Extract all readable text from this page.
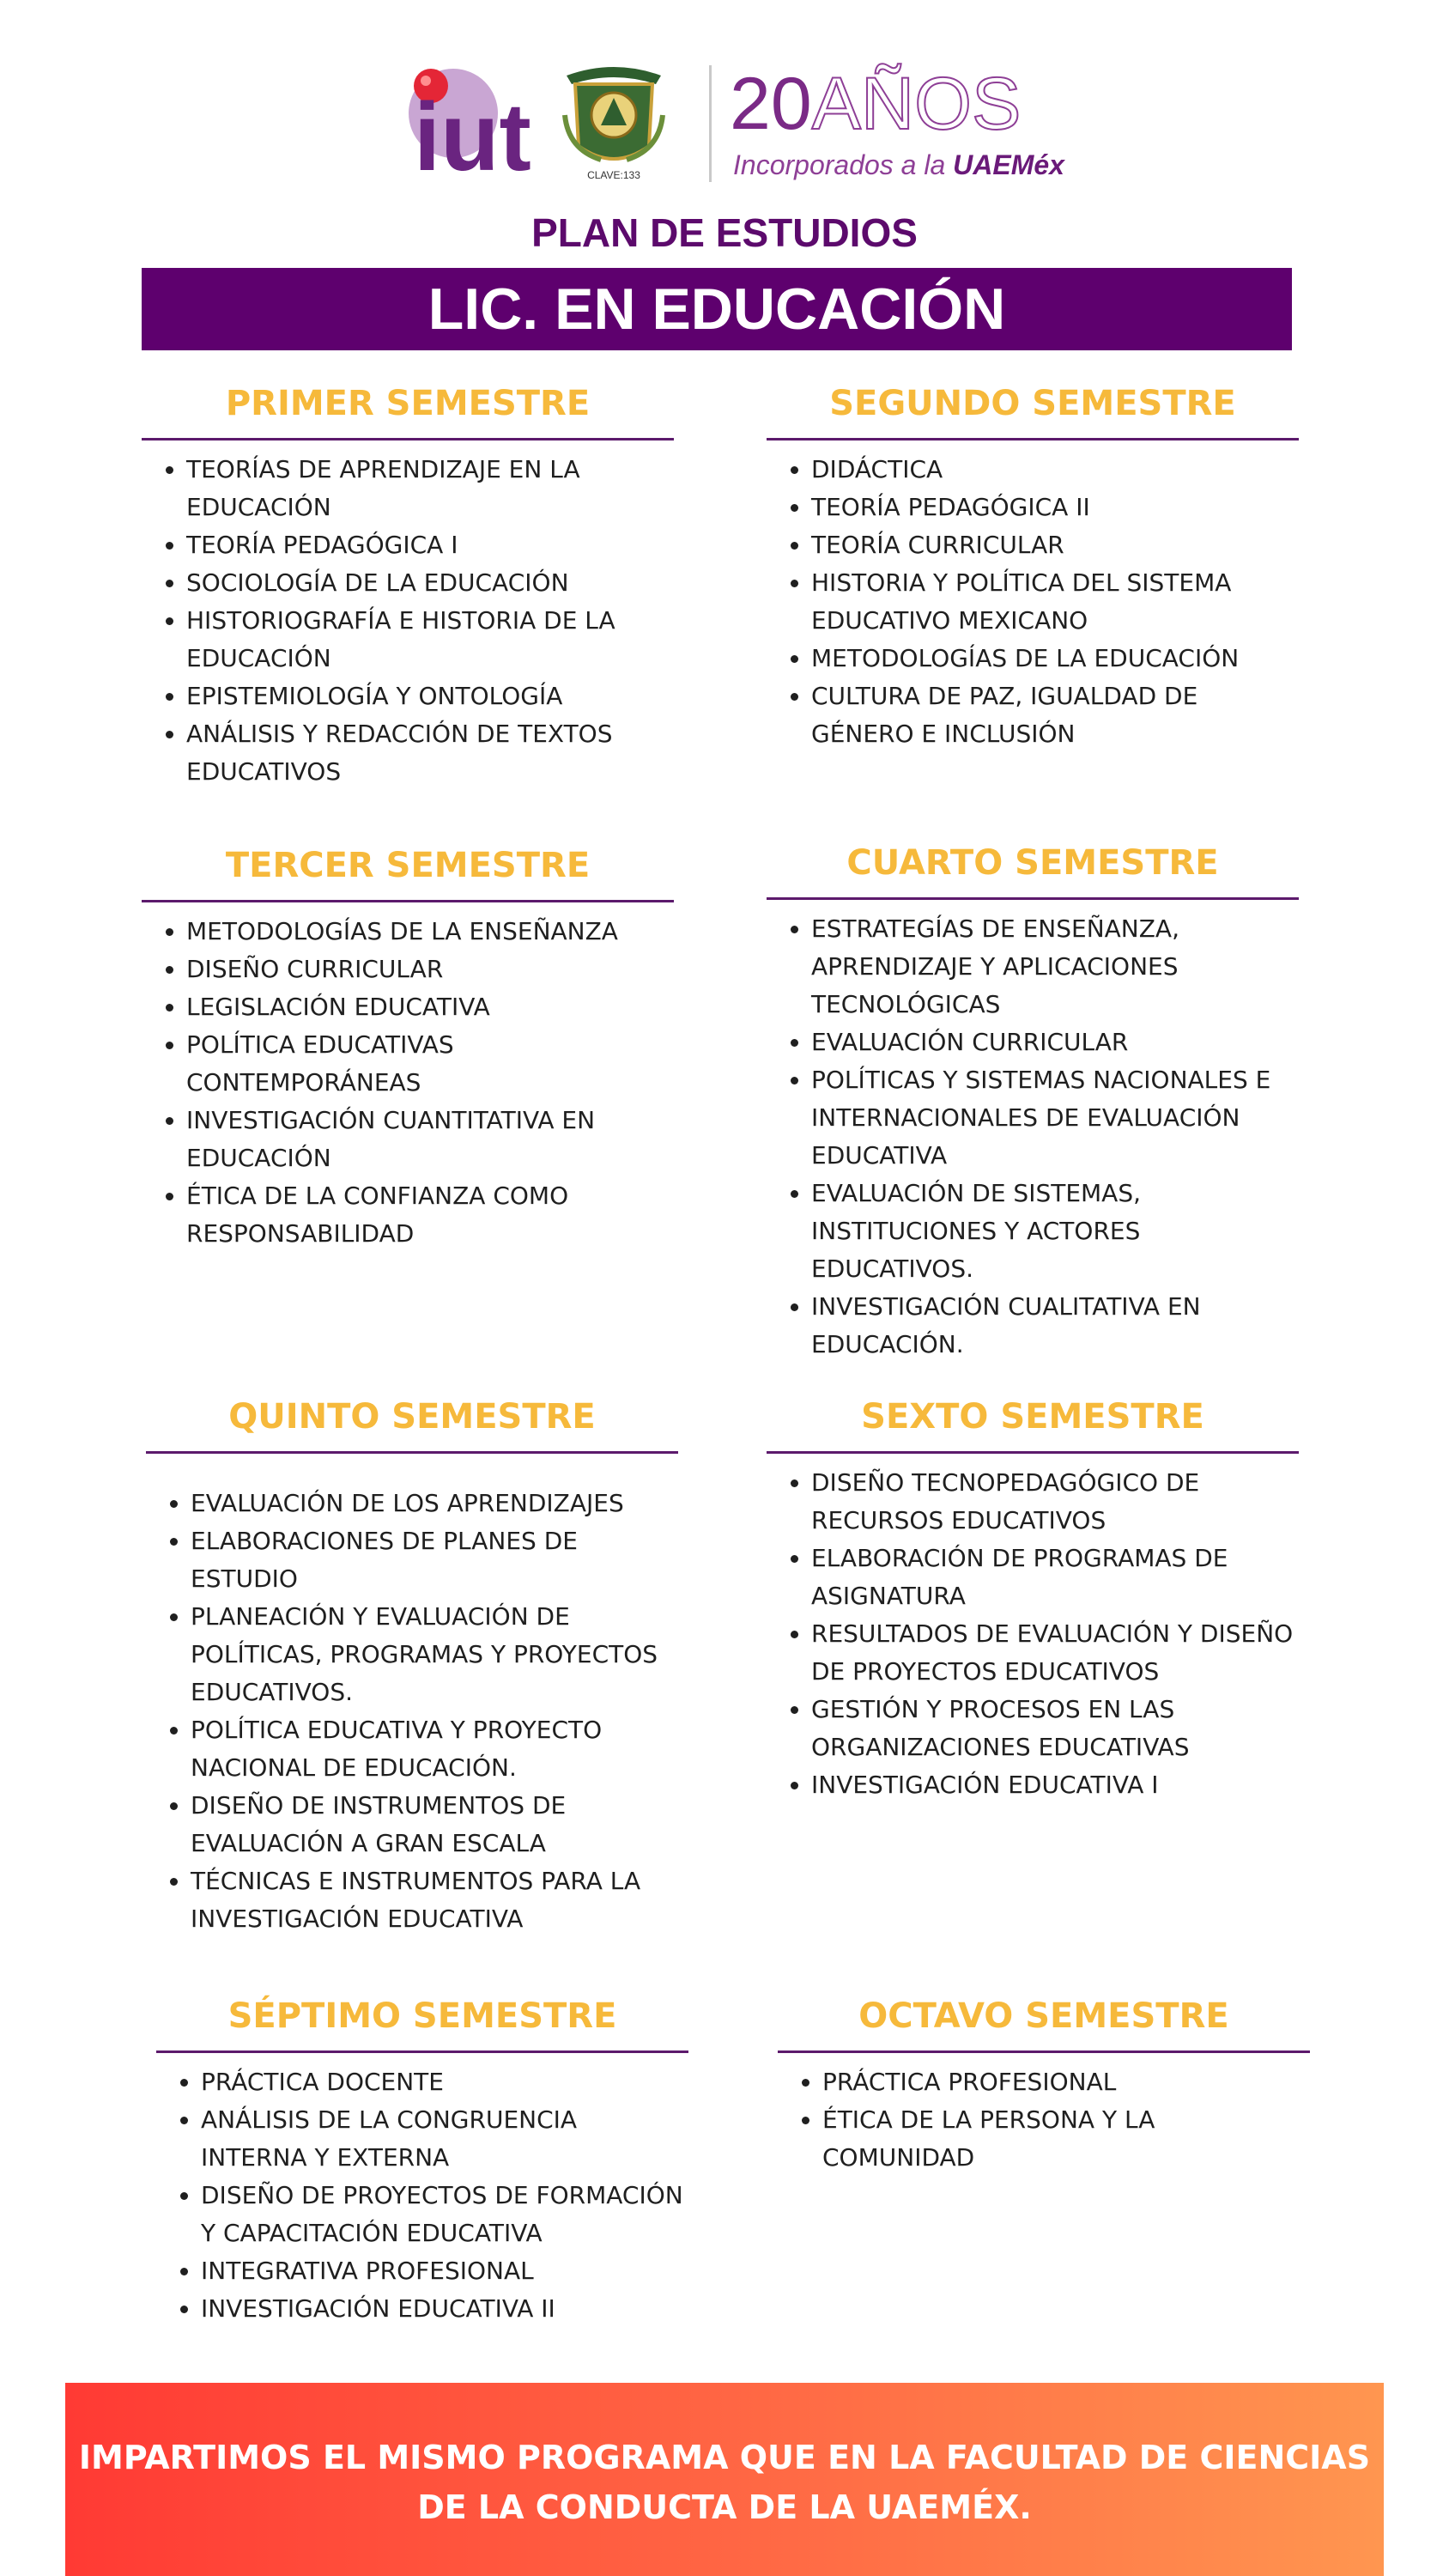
iut	CLAVE:133
20AÑOS
Incorporados a la UAEMéx
PLAN DE ESTUDIOS
LIC. EN EDUCACIÓN
PRIMER SEMESTRE
• TEORÍAS DE APRENDIZAJE EN LA EDUCACIÓN
• TEORÍA PEDAGÓGICA I
• SOCIOLOGÍA DE LA EDUCACIÓN
• HISTORIOGRAFÍA E HISTORIA DE LA EDUCACIÓN
• EPISTEMIOLOGÍA Y ONTOLOGÍA
• ANÁLISIS Y REDACCIÓN DE TEXTOS EDUCATIVOS
SEGUNDO SEMESTRE
• DIDÁCTICA
• TEORÍA PEDAGÓGICA II
• TEORÍA CURRICULAR
• HISTORIA Y POLÍTICA DEL SISTEMA EDUCATIVO MEXICANO
• METODOLOGÍAS DE LA EDUCACIÓN
• CULTURA DE PAZ, IGUALDAD DE GÉNERO E INCLUSIÓN
TERCER SEMESTRE
• METODOLOGÍAS DE LA ENSEÑANZA
• DISEÑO CURRICULAR
• LEGISLACIÓN EDUCATIVA
• POLÍTICA EDUCATIVAS CONTEMPORÁNEAS
• INVESTIGACIÓN CUANTITATIVA EN EDUCACIÓN
• ÉTICA DE LA CONFIANZA COMO RESPONSABILIDAD
CUARTO SEMESTRE
• ESTRATEGÍAS DE ENSEÑANZA, APRENDIZAJE Y APLICACIONES TECNOLÓGICAS
• EVALUACIÓN CURRICULAR
• POLÍTICAS Y SISTEMAS NACIONALES E INTERNACIONALES DE EVALUACIÓN EDUCATIVA
• EVALUACIÓN DE SISTEMAS, INSTITUCIONES Y ACTORES EDUCATIVOS.
• INVESTIGACIÓN CUALITATIVA EN EDUCACIÓN.
QUINTO SEMESTRE
• EVALUACIÓN DE LOS APRENDIZAJES
• ELABORACIONES DE PLANES DE ESTUDIO
• PLANEACIÓN Y EVALUACIÓN DE POLÍTICAS, PROGRAMAS Y PROYECTOS EDUCATIVOS.
• POLÍTICA EDUCATIVA Y PROYECTO NACIONAL DE EDUCACIÓN.
• DISEÑO DE INSTRUMENTOS DE EVALUACIÓN A GRAN ESCALA
• TÉCNICAS E INSTRUMENTOS PARA LA INVESTIGACIÓN EDUCATIVA
SEXTO SEMESTRE
• DISEÑO TECNOPEDAGÓGICO DE RECURSOS EDUCATIVOS
• ELABORACIÓN DE PROGRAMAS DE ASIGNATURA
• RESULTADOS DE EVALUACIÓN Y DISEÑO DE PROYECTOS EDUCATIVOS
• GESTIÓN Y PROCESOS EN LAS ORGANIZACIONES EDUCATIVAS
• INVESTIGACIÓN EDUCATIVA I
SÉPTIMO SEMESTRE
• PRÁCTICA DOCENTE
• ANÁLISIS DE LA CONGRUENCIA INTERNA Y EXTERNA
• DISEÑO DE PROYECTOS DE FORMACIÓN Y CAPACITACIÓN EDUCATIVA
• INTEGRATIVA PROFESIONAL
• INVESTIGACIÓN EDUCATIVA II
OCTAVO SEMESTRE
• PRÁCTICA PROFESIONAL
• ÉTICA DE LA PERSONA Y LA COMUNIDAD
IMPARTIMOS EL MISMO PROGRAMA QUE EN LA FACULTAD DE CIENCIAS
DE LA CONDUCTA DE LA UAEMÉX.
